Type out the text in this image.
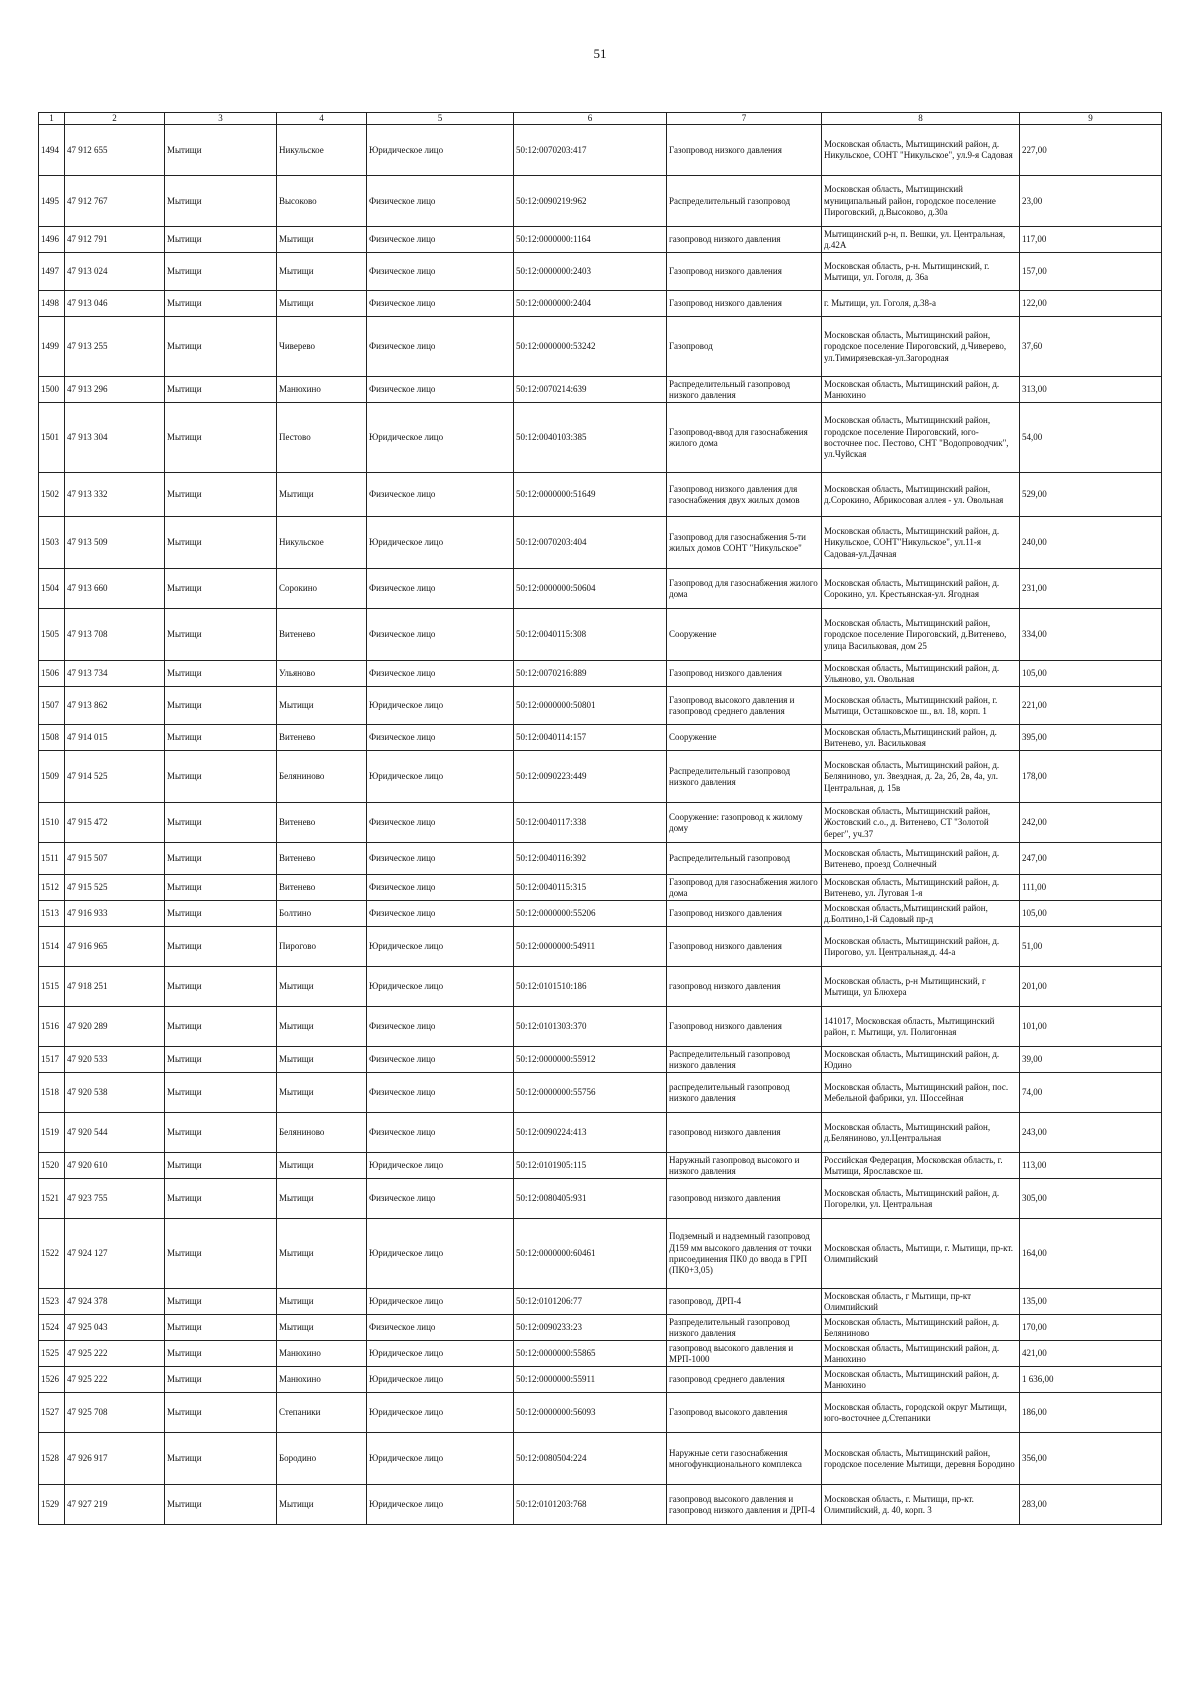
51
1	2	3	4	5	6	7	8	9
1494	47 912 655	Мытищи	Никульское	Юридическое лицо	50:12:0070203:417	Газопровод низкого давления	Московская область, Мытищинский район, д. Никульское, СОНТ "Никульское", ул.9-я Садовая	227,00
1495	47 912 767	Мытищи	Высоково	Физическое лицо	50:12:0090219:962	Распределительный газопровод	Московская область, Мытищинский муниципальный район, городское поселение Пироговский, д.Высоково, д.30а	23,00
1496	47 912 791	Мытищи	Мытищи	Физическое лицо	50:12:0000000:1164	газопровод низкого давления	Мытищинский р-н, п. Вешки, ул. Центральная, д.42А	117,00
1497	47 913 024	Мытищи	Мытищи	Физическое лицо	50:12:0000000:2403	Газопровод низкого давления	Московская область, р-н. Мытищинский, г. Мытищи, ул. Гоголя, д. 36а	157,00
1498	47 913 046	Мытищи	Мытищи	Физическое лицо	50:12:0000000:2404	Газопровод низкого давления	г. Мытищи, ул. Гоголя, д.38-а	122,00
1499	47 913 255	Мытищи	Чиверево	Физическое лицо	50:12:0000000:53242	Газопровод	Московская область, Мытищинский район, городское поселение Пироговский, д.Чиверево, ул.Тимирязевская-ул.Загородная	37,60
1500	47 913 296	Мытищи	Манюхино	Физическое лицо	50:12:0070214:639	Распределительный газопровод низкого давления	Московская область, Мытищинский район, д. Манюхино	313,00
1501	47 913 304	Мытищи	Пестово	Юридическое лицо	50:12:0040103:385	Газопровод-ввод для газоснабжения жилого дома	Московская область, Мытищинский район, городское поселение Пироговский, юго-восточнее пос. Пестово, СНТ "Водопроводчик", ул.Чуйская	54,00
1502	47 913 332	Мытищи	Мытищи	Физическое лицо	50:12:0000000:51649	Газопровод низкого давления для газоснабжения двух жилых домов	Московская область, Мытищинский район, д.Сорокино, Абрикосовая аллея - ул. Овольная	529,00
1503	47 913 509	Мытищи	Никульское	Юридическое лицо	50:12:0070203:404	Газопровод для газоснабжения 5-ти жилых домов СОНТ "Никульское"	Московская область, Мытищинский район, д. Никульское, СОНТ"Никульское", ул.11-я Садовая-ул.Дачная	240,00
1504	47 913 660	Мытищи	Сорокино	Физическое лицо	50:12:0000000:50604	Газопровод для газоснабжения жилого дома	Московская область, Мытищинский район, д. Сорокино, ул. Крестьянская-ул. Ягодная	231,00
1505	47 913 708	Мытищи	Витенево	Физическое лицо	50:12:0040115:308	Сооружение	Московская область, Мытищинский район, городское поселение Пироговский, д.Витенево, улица Васильковая, дом 25	334,00
1506	47 913 734	Мытищи	Ульяновo	Физическое лицо	50:12:0070216:889	Газопровод низкого давления	Московская область, Мытищинский район, д. Ульяново, ул. Овольная	105,00
1507	47 913 862	Мытищи	Мытищи	Юридическое лицо	50:12:0000000:50801	Газопровод высокого давления и газопровод среднего давления	Московская область, Мытищинский район, г. Мытищи, Осташковское ш., вл. 18, корп. 1	221,00
1508	47 914 015	Мытищи	Витенево	Физическое лицо	50:12:0040114:157	Сооружение	Московская область,Мытищинский район, д. Витенево, ул. Васильковая	395,00
1509	47 914 525	Мытищи	Беляниново	Юридическое лицо	50:12:0090223:449	Распределительный газопровод низкого давления	Московская область, Мытищинский район, д. Беляниново, ул. Звездная, д. 2а, 2б, 2в, 4а, ул. Центральная, д. 15в	178,00
1510	47 915 472	Мытищи	Витенево	Физическое лицо	50:12:0040117:338	Сооружение: газопровод к жилому дому	Московская область, Мытищинский район, Жостовский с.о., д. Витенево, СТ "Золотой берег", уч.37	242,00
1511	47 915 507	Мытищи	Витенево	Физическое лицо	50:12:0040116:392	Распределительный газопровод	Московская область, Мытищинский район, д. Витенево, проезд Солнечный	247,00
1512	47 915 525	Мытищи	Витенево	Физическое лицо	50:12:0040115:315	Газопровод для газоснабжения жилого дома	Московская область, Мытищинский район, д. Витенево, ул. Луговая 1-я	111,00
1513	47 916 933	Мытищи	Болтино	Физическое лицо	50:12:0000000:55206	Газопровод низкого давления	Московская область,Мытищинский район, д.Болтино,1-й Садовый пр-д	105,00
1514	47 916 965	Мытищи	Пирогово	Юридическое лицо	50:12:0000000:54911	Газопровод низкого давления	Московская область, Мытищинский район, д. Пирогово, ул. Центральная,д. 44-а	51,00
1515	47 918 251	Мытищи	Мытищи	Юридическое лицо	50:12:0101510:186	газопровод низкого давления	Московская область, р-н Мытищинский, г Мытищи, ул Блюхера	201,00
1516	47 920 289	Мытищи	Мытищи	Физическое лицо	50:12:0101303:370	Газопровод низкого давления	141017, Московская область, Мытищинский район, г. Мытищи, ул. Полигонная	101,00
1517	47 920 533	Мытищи	Мытищи	Физическое лицо	50:12:0000000:55912	Распределительный газопровод низкого давления	Московская область, Мытищинский район, д. Юдино	39,00
1518	47 920 538	Мытищи	Мытищи	Физическое лицо	50:12:0000000:55756	распределительный газопровод низкого давления	Московская область, Мытищинский район, пос. Мебельной фабрики, ул. Шоссейная	74,00
1519	47 920 544	Мытищи	Беляниново	Физическое лицо	50:12:0090224:413	газопровод низкого давления	Московская область, Мытищинский район, д.Беляниново, ул.Центральная	243,00
1520	47 920 610	Мытищи	Мытищи	Юридическое лицо	50:12:0101905:115	Наружный газопровод высокого и низкого давления	Российская Федерация, Московская область, г. Мытищи, Ярославское ш.	113,00
1521	47 923 755	Мытищи	Мытищи	Физическое лицо	50:12:0080405:931	газопровод низкого давления	Московская область, Мытищинский район, д. Погорелки, ул. Центральная	305,00
1522	47 924 127	Мытищи	Мытищи	Юридическое лицо	50:12:0000000:60461	Подземный и надземный газопровод Д159 мм высокого давления от точки присоединения ПК0 до ввода в ГРП (ПК0+3,05)	Московская область, Мытищи, г. Мытищи, пр-кт. Олимпийский	164,00
1523	47 924 378	Мытищи	Мытищи	Юридическое лицо	50:12:0101206:77	газопровод, ДРП-4	Московская область, г Мытищи, пр-кт Олимпийский	135,00
1524	47 925 043	Мытищи	Мытищи	Физическое лицо	50:12:0090233:23	Разпределительный газопровод низкого давления	Московская область, Мытищинский район, д. Беляниново	170,00
1525	47 925 222	Мытищи	Манюхино	Юридическое лицо	50:12:0000000:55865	газопровод высокого давления и МРП-1000	Московская область, Мытищинский район, д. Манюхино	421,00
1526	47 925 222	Мытищи	Манюхино	Юридическое лицо	50:12:0000000:55911	газопровод среднего давления	Московская область, Мытищинский район, д. Манюхино	1 636,00
1527	47 925 708	Мытищи	Степаники	Юридическое лицо	50:12:0000000:56093	Газопровод высокого давления	Московская область, городской округ Мытищи, юго-восточнее д.Степаники	186,00
1528	47 926 917	Мытищи	Бородино	Юридическое лицо	50:12:0080504:224	Наружные сети газоснабжения многофункционального комплекса	Московская область, Мытищинский район, городское поселение Мытищи, деревня Бородино	356,00
1529	47 927 219	Мытищи	Мытищи	Юридическое лицо	50:12:0101203:768	газопровод высокого давления и газопровод низкого давления и ДРП-4	Московская область, г. Мытищи, пр-кт. Олимпийский, д. 40, корп. 3	283,00
